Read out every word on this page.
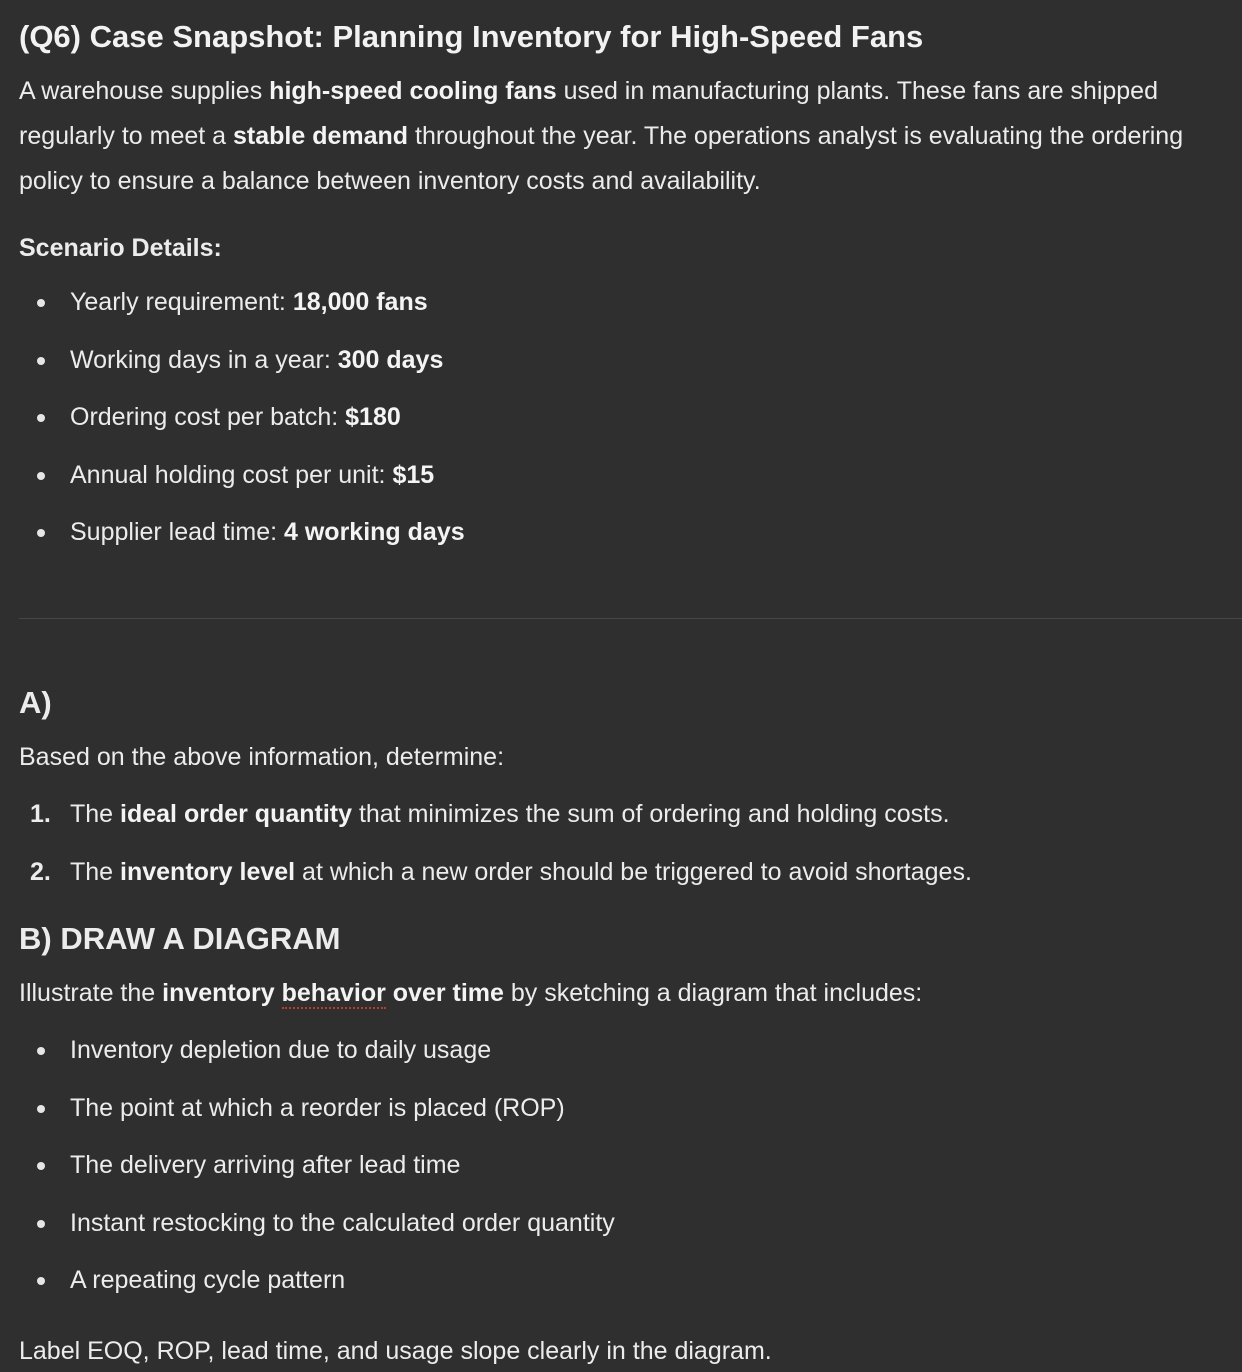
(Q6) Case Snapshot: Planning Inventory for High-Speed Fans

A warehouse supplies high-speed cooling fans used in manufacturing plants. These fans are shipped regularly to meet a stable demand throughout the year. The operations analyst is evaluating the ordering policy to ensure a balance between inventory costs and availability.

Scenario Details:
Yearly requirement: 18,000 fans
Working days in a year: 300 days
Ordering cost per batch: $180
Annual holding cost per unit: $15
Supplier lead time: 4 working days
A)

Based on the above information, determine:

1. The ideal order quantity that minimizes the sum of ordering and holding costs.
2. The inventory level at which a new order should be triggered to avoid shortages.
B) DRAW A DIAGRAM

Illustrate the inventory behavior over time by sketching a diagram that includes:

Inventory depletion due to daily usage
The point at which a reorder is placed (ROP)
The delivery arriving after lead time
Instant restocking to the calculated order quantity
A repeating cycle pattern

Label EOQ, ROP, lead time, and usage slope clearly in the diagram.
